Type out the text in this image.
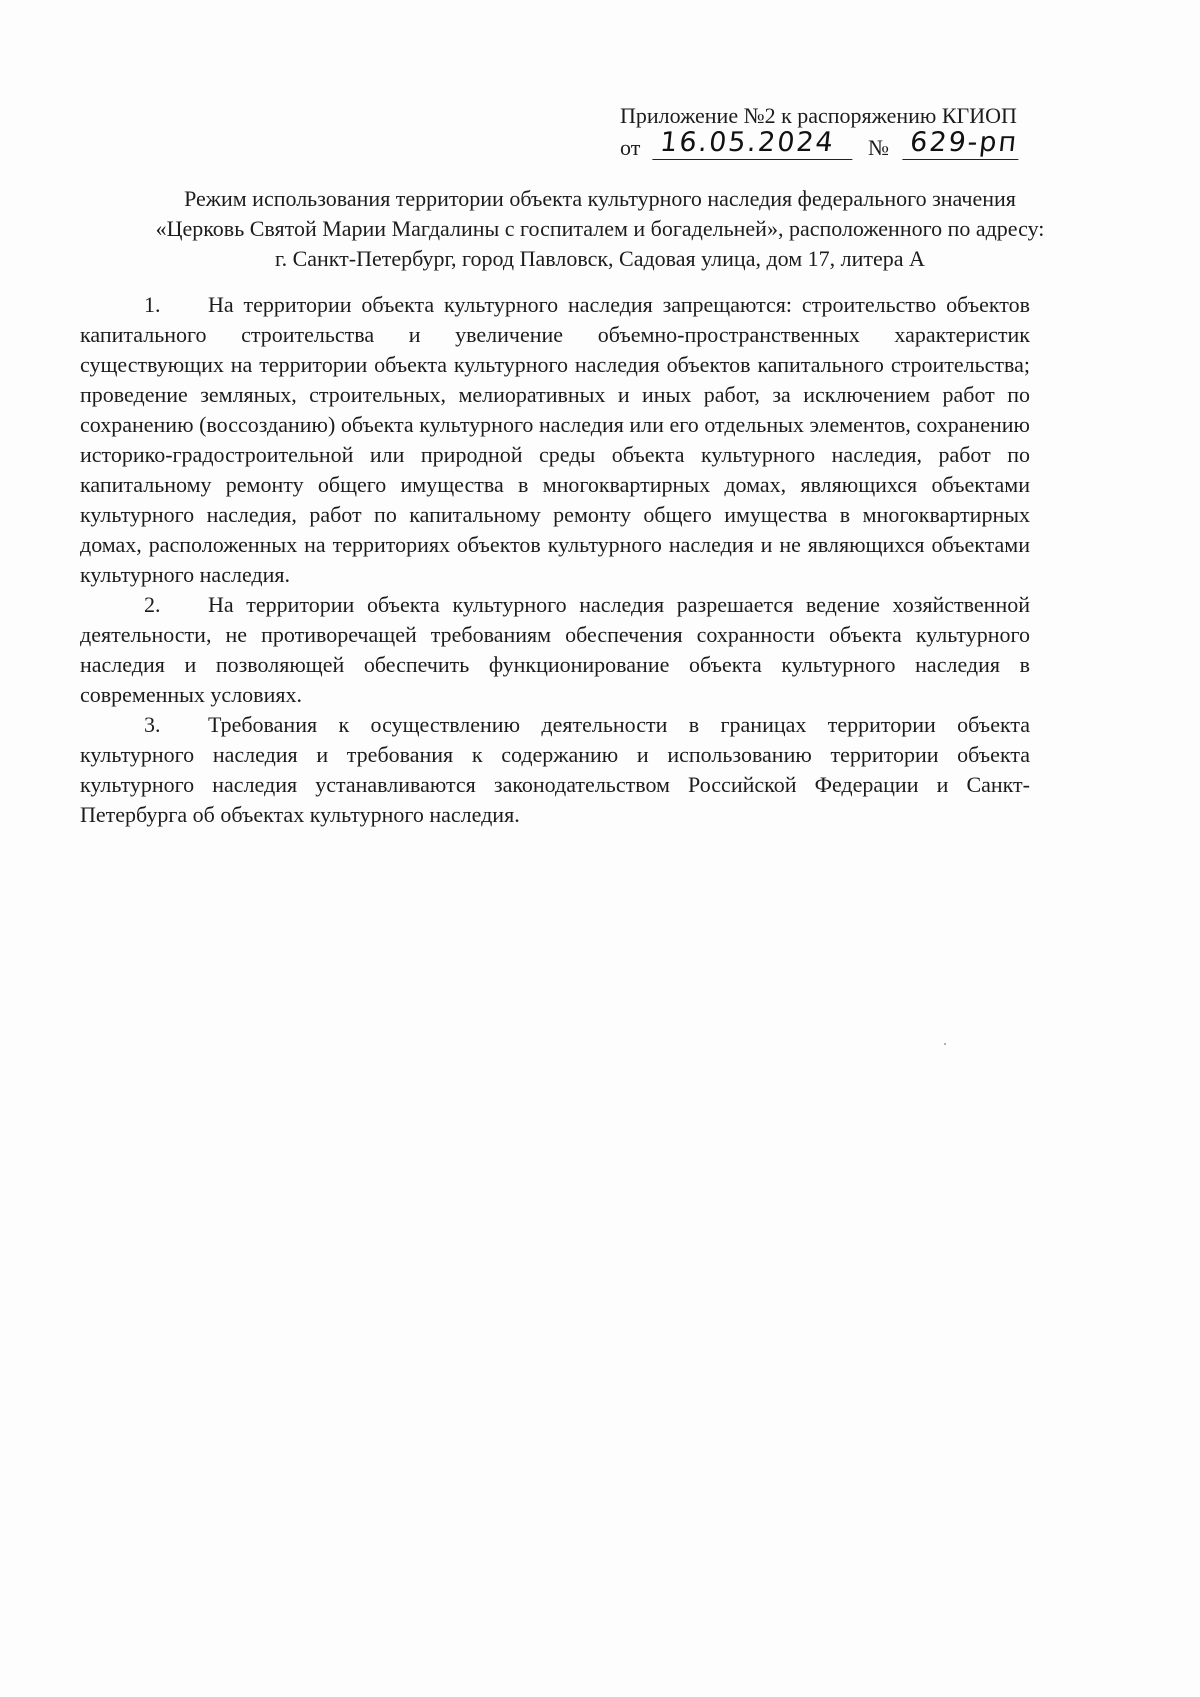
Приложение №2 к распоряжению КГИОП
от 16.05.2024	№ 629-рп
Режим использования территории объекта культурного наследия федерального значения
«Церковь Святой Марии Магдалины с госпиталем и богадельней», расположенного по адресу:
г. Санкт-Петербург, город Павловск, Садовая улица, дом 17, литера А

1. На территории объекта культурного наследия запрещаются: строительство объектов капитального строительства и увеличение объемно-пространственных характеристик существующих на территории объекта культурного наследия объектов капитального строительства; проведение земляных, строительных, мелиоративных и иных работ, за исключением работ по сохранению (воссозданию) объекта культурного наследия или его отдельных элементов, сохранению историко-градостроительной или природной среды объекта культурного наследия, работ по капитальному ремонту общего имущества в многоквартирных домах, являющихся объектами культурного наследия, работ по капитальному ремонту общего имущества в многоквартирных домах, расположенных на территориях объектов культурного наследия и не являющихся объектами культурного наследия.

2. На территории объекта культурного наследия разрешается ведение хозяйственной деятельности, не противоречащей требованиям обеспечения сохранности объекта культурного наследия и позволяющей обеспечить функционирование объекта культурного наследия в современных условиях.

3. Требования к осуществлению деятельности в границах территории объекта культурного наследия и требования к содержанию и использованию территории объекта культурного наследия устанавливаются законодательством Российской Федерации и Санкт-Петербурга об объектах культурного наследия.
